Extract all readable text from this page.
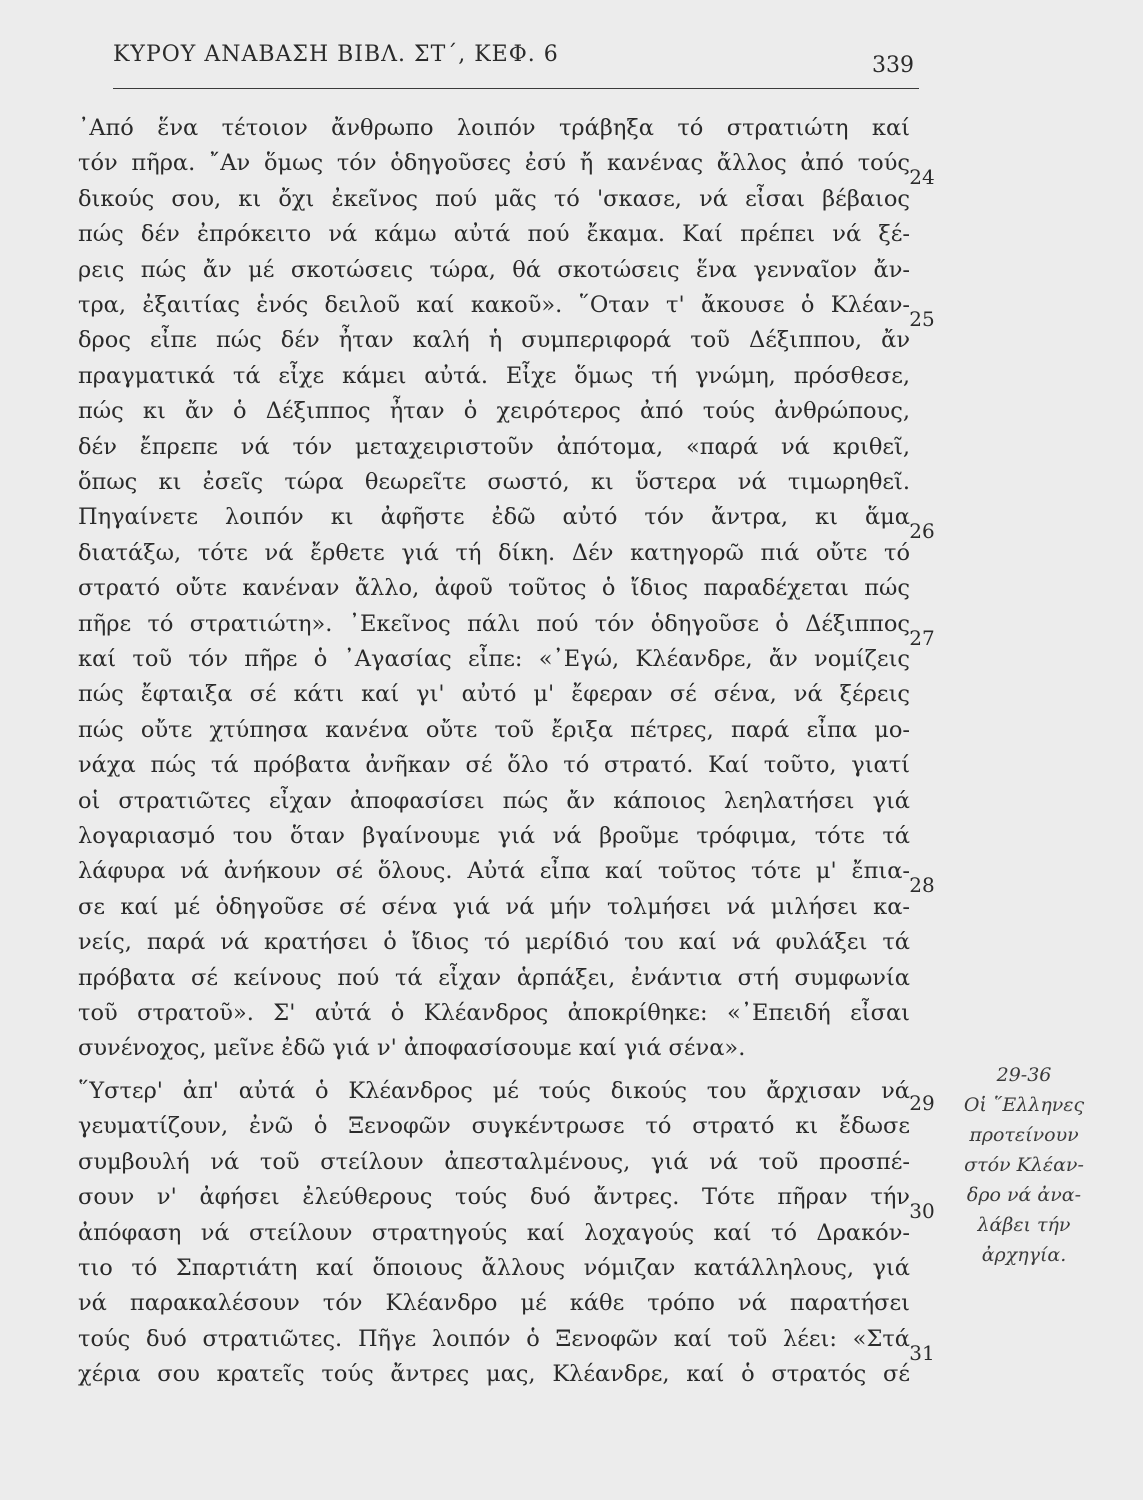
ΚΥΡΟΥ ΑΝΑΒΑΣΗ ΒΙΒΛ. ΣΤ΄, ΚΕΦ. 6	339
᾿Από ἕνα τέτοιον ἄνθρωπο λοιπόν τράβηξα τό στρατιώτη καί
τόν πῆρα. ῎Αν ὅμως τόν ὁδηγοῦσες ἐσύ ἤ κανένας ἄλλος ἀπό τούς
δικούς σου, κι ὄχι ἐκεῖνος πού μᾶς τό 'σκασε, νά εἶσαι βέβαιος
πώς δέν ἐπρόκειτο νά κάμω αὐτά πού ἔκαμα. Καί πρέπει νά ξέ-
ρεις πώς ἄν μέ σκοτώσεις τώρα, θά σκοτώσεις ἕνα γενναῖον ἄν-
τρα, ἐξαιτίας ἑνός δειλοῦ καί κακοῦ». ῞Οταν τ' ἄκουσε ὁ Κλέαν-
δρος εἶπε πώς δέν ἦταν καλή ἡ συμπεριφορά τοῦ Δέξιππου, ἄν
πραγματικά τά εἶχε κάμει αὐτά. Εἶχε ὅμως τή γνώμη, πρόσθεσε,
πώς κι ἄν ὁ Δέξιππος ἦταν ὁ χειρότερος ἀπό τούς ἀνθρώπους,
δέν ἔπρεπε νά τόν μεταχειριστοῦν ἀπότομα, «παρά νά κριθεῖ,
ὅπως κι ἐσεῖς τώρα θεωρεῖτε σωστό, κι ὕστερα νά τιμωρηθεῖ.
Πηγαίνετε λοιπόν κι ἀφῆστε ἐδῶ αὐτό τόν ἄντρα, κι ἅμα
διατάξω, τότε νά ἔρθετε γιά τή δίκη. Δέν κατηγορῶ πιά οὔτε τό
στρατό οὔτε κανέναν ἄλλο, ἀφοῦ τοῦτος ὁ ἴδιος παραδέχεται πώς
πῆρε τό στρατιώτη». ᾿Εκεῖνος πάλι πού τόν ὁδηγοῦσε ὁ Δέξιππος
καί τοῦ τόν πῆρε ὁ ᾿Αγασίας εἶπε: «᾿Εγώ, Κλέανδρε, ἄν νομίζεις
πώς ἔφταιξα σέ κάτι καί γι' αὐτό μ' ἔφεραν σέ σένα, νά ξέρεις
πώς οὔτε χτύπησα κανένα οὔτε τοῦ ἔριξα πέτρες, παρά εἶπα μο-
νάχα πώς τά πρόβατα ἀνῆκαν σέ ὅλο τό στρατό. Καί τοῦτο, γιατί
οἱ στρατιῶτες εἶχαν ἀποφασίσει πώς ἄν κάποιος λεηλατήσει γιά
λογαριασμό του ὅταν βγαίνουμε γιά νά βροῦμε τρόφιμα, τότε τά
λάφυρα νά ἀνήκουν σέ ὅλους. Αὐτά εἶπα καί τοῦτος τότε μ' ἔπια-
σε καί μέ ὁδηγοῦσε σέ σένα γιά νά μήν τολμήσει νά μιλήσει κα-
νείς, παρά νά κρατήσει ὁ ἴδιος τό μερίδιό του καί νά φυλάξει τά
πρόβατα σέ κείνους πού τά εἶχαν ἁρπάξει, ἐνάντια στή συμφωνία
τοῦ στρατοῦ». Σ' αὐτά ὁ Κλέανδρος ἀποκρίθηκε: «᾿Επειδή εἶσαι
συνένοχος, μεῖνε ἐδῶ γιά ν' ἀποφασίσουμε καί γιά σένα».
῞Υστερ' ἀπ' αὐτά ὁ Κλέανδρος μέ τούς δικούς του ἄρχισαν νά
γευματίζουν, ἐνῶ ὁ Ξενοφῶν συγκέντρωσε τό στρατό κι ἔδωσε
συμβουλή νά τοῦ στείλουν ἀπεσταλμένους, γιά νά τοῦ προσπέ-
σουν ν' ἀφήσει ἐλεύθερους τούς δυό ἄντρες. Τότε πῆραν τήν
ἀπόφαση νά στείλουν στρατηγούς καί λοχαγούς καί τό Δρακόν-
τιο τό Σπαρτιάτη καί ὅποιους ἄλλους νόμιζαν κατάλληλους, γιά
νά παρακαλέσουν τόν Κλέανδρο μέ κάθε τρόπο νά παρατήσει
τούς δυό στρατιῶτες. Πῆγε λοιπόν ὁ Ξενοφῶν καί τοῦ λέει: «Στά
χέρια σου κρατεῖς τούς ἄντρες μας, Κλέανδρε, καί ὁ στρατός σέ
24
25
26
27
28
29
30
31
29-36
Οἱ ῞Ελληνες
προτείνουν
στόν Κλέαν-
δρο νά ἀνα-
λάβει τήν
ἀρχηγία.
